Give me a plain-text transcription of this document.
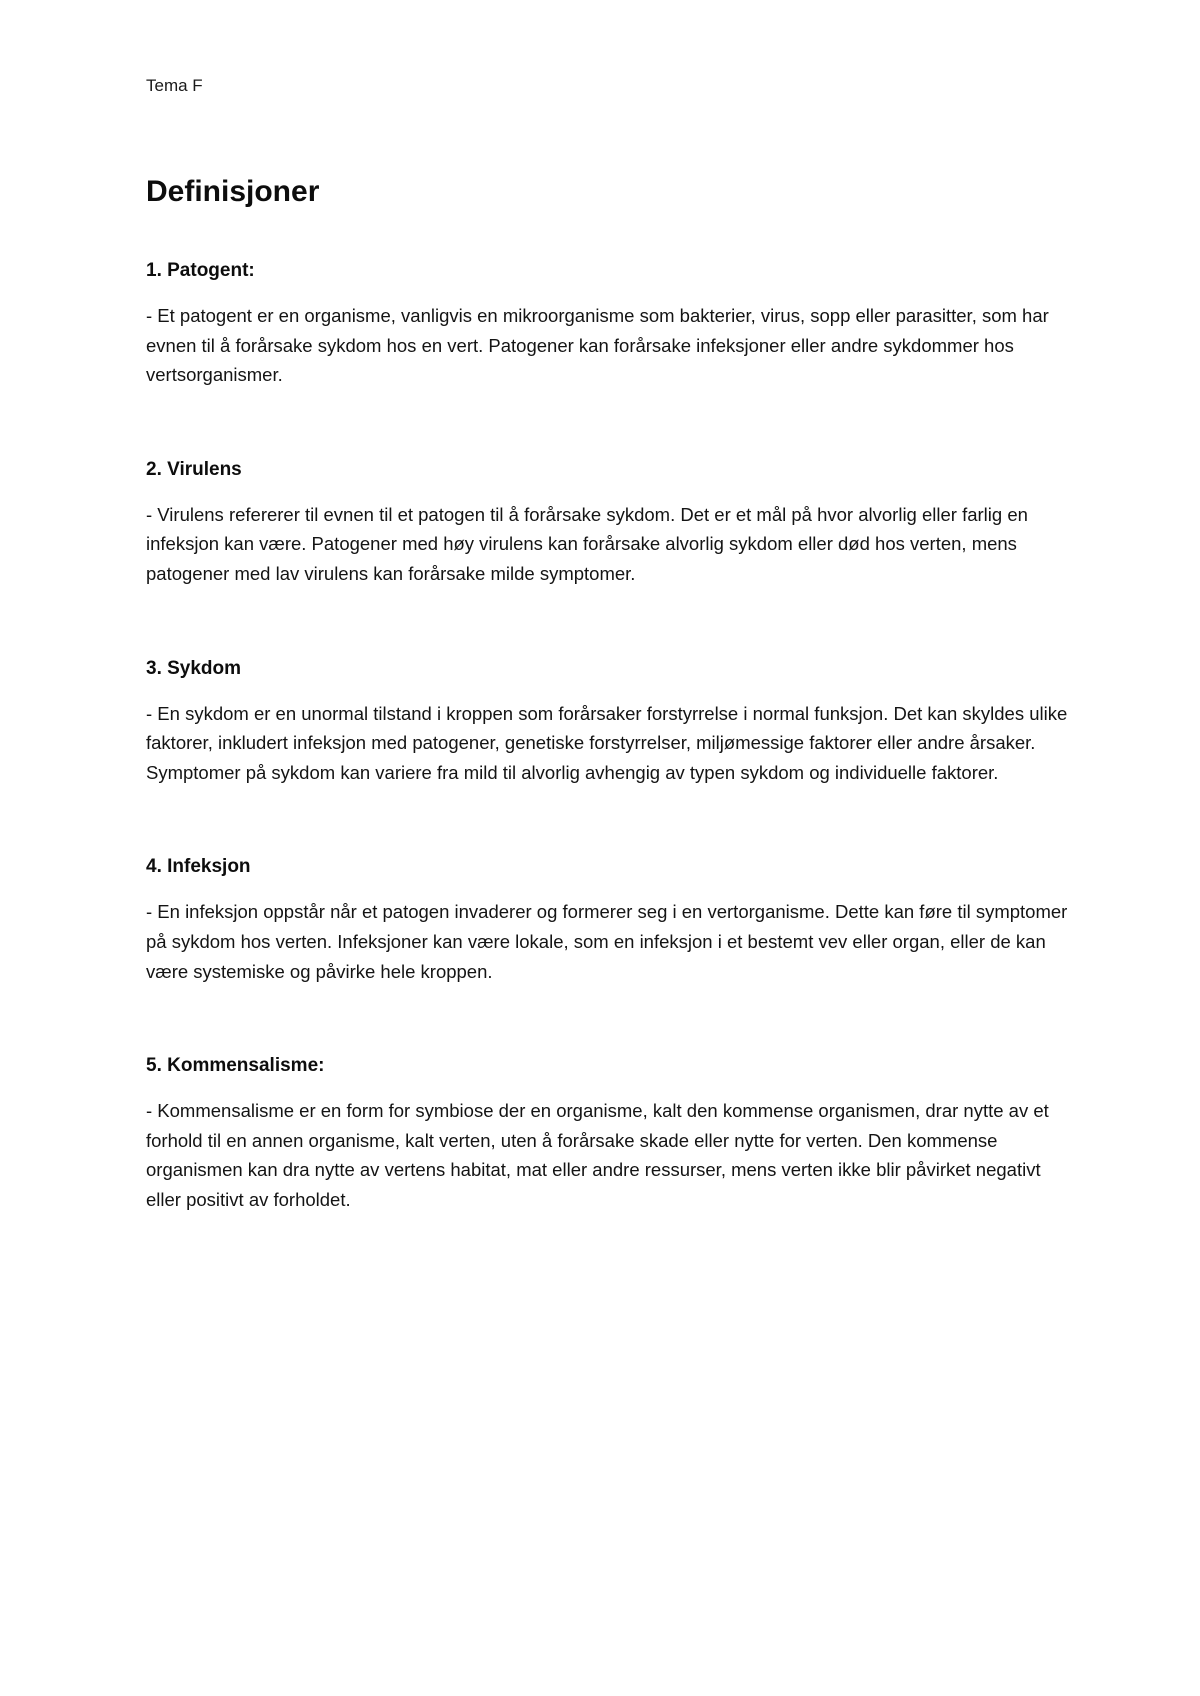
Tema F

Definisjoner
1. Patogent:

- Et patogent er en organisme, vanligvis en mikroorganisme som bakterier, virus, sopp eller parasitter, som har evnen til å forårsake sykdom hos en vert. Patogener kan forårsake infeksjoner eller andre sykdommer hos vertsorganismer.

2. Virulens

- Virulens refererer til evnen til et patogen til å forårsake sykdom. Det er et mål på hvor alvorlig eller farlig en infeksjon kan være. Patogener med høy virulens kan forårsake alvorlig sykdom eller død hos verten, mens patogener med lav virulens kan forårsake milde symptomer.

3. Sykdom

- En sykdom er en unormal tilstand i kroppen som forårsaker forstyrrelse i normal funksjon. Det kan skyldes ulike faktorer, inkludert infeksjon med patogener, genetiske forstyrrelser, miljømessige faktorer eller andre årsaker. Symptomer på sykdom kan variere fra mild til alvorlig avhengig av typen sykdom og individuelle faktorer.

4. Infeksjon

- En infeksjon oppstår når et patogen invaderer og formerer seg i en vertorganisme. Dette kan føre til symptomer på sykdom hos verten. Infeksjoner kan være lokale, som en infeksjon i et bestemt vev eller organ, eller de kan være systemiske og påvirke hele kroppen.

5. Kommensalisme:

- Kommensalisme er en form for symbiose der en organisme, kalt den kommense organismen, drar nytte av et forhold til en annen organisme, kalt verten, uten å forårsake skade eller nytte for verten. Den kommense organismen kan dra nytte av vertens habitat, mat eller andre ressurser, mens verten ikke blir påvirket negativt eller positivt av forholdet.
